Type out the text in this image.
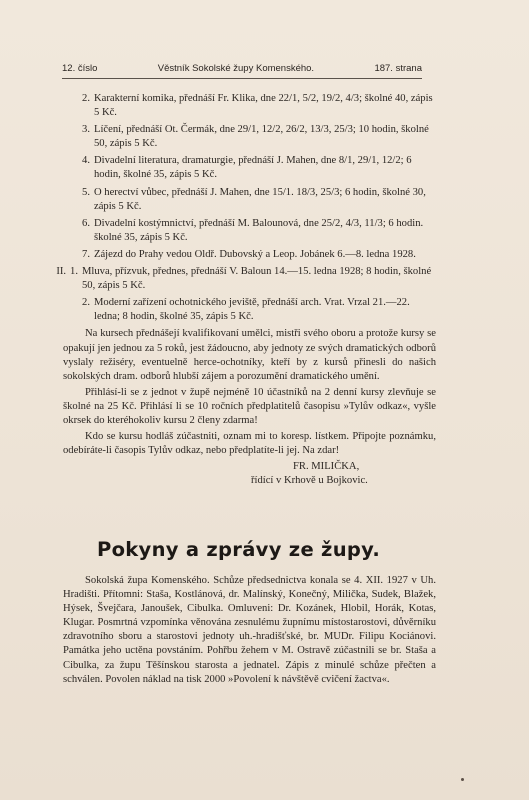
12. číslo	Věstník Sokolské župy Komenského.	187. strana
2. Karakterní komika, přednáší Fr. Klika, dne 22/1, 5/2, 19/2, 4/3; školné 40, zápis 5 Kč.
3. Líčení, přednáší Ot. Čermák, dne 29/1, 12/2, 26/2, 13/3, 25/3; 10 hodin, školné 50, zápis 5 Kč.
4. Divadelní literatura, dramaturgie, přednáší J. Mahen, dne 8/1, 29/1, 12/2; 6 hodin, školné 35, zápis 5 Kč.
5. O herectví vůbec, přednáší J. Mahen, dne 15/1. 18/3, 25/3; 6 hodin, školné 30, zápis 5 Kč.
6. Divadelní kostýmnictví, přednáší M. Balounová, dne 25/2, 4/3, 11/3; 6 hodin. školné 35, zápis 5 Kč.
7. Zájezd do Prahy vedou Oldř. Dubovský a Leop. Jobánek 6.—8. ledna 1928.
II. 1. Mluva, přízvuk, přednes, přednáší V. Baloun 14.—15. ledna 1928; 8 hodin, školné 50, zápis 5 Kč.
2. Moderní zařízení ochotnického jeviště, přednáší arch. Vrat. Vrzal 21.—22. ledna; 8 hodin, školné 35, zápis 5 Kč.

Na kursech přednášejí kvalifikovaní umělci, mistři svého oboru a protože kursy se opakují jen jednou za 5 roků, jest žádoucno, aby jednoty ze svých dramatických odborů vyslaly režiséry, eventuelně herce-ochotníky, kteří by z kursů přinesli do našich sokolských dram. odborů hlubší zájem a porozumění dramatického umění.

Přihlásí-li se z jednot v župě nejméně 10 účastníků na 2 denní kursy zlevňuje se školné na 25 Kč. Přihlásí li se 10 ročních předplatitelů časopisu »Tylův odkaz«, vyšle okrsek do kteréhokoliv kursu 2 členy zdarma!

Kdo se kursu hodláš zúčastniti, oznam mi to koresp. lístkem. Připojte poznámku, odebíráte-li časopis Tylův odkaz, nebo předplatíte-li jej. Na zdar!

FR. MILIČKA,
řídící v Krhově u Bojkovic.
Pokyny a zprávy ze župy.

Sokolská župa Komenského. Schůze předsednictva konala se 4. XII. 1927 v Uh. Hradišti. Přítomni: Staša, Kostlánová, dr. Malínský, Konečný, Milička, Sudek, Blažek, Hýsek, Švejčara, Janoušek, Cibulka. Omluveni: Dr. Kozánek, Hlobil, Horák, Kotas, Klugar. Posmrtná vzpomínka věnována zesnulému župnímu místostarostovi, důvěrníku zdravotního sboru a starostovi jednoty uh.-hradišťské, br. MUDr. Filipu Kociánovi. Památka jeho uctěna povstáním. Pohřbu žehem v M. Ostravě zúčastnili se br. Staša a Cibulka, za župu Těšínskou starosta a jednatel. Zápis z minulé schůze přečten a schválen. Povolen náklad na tisk 2000 »Povolení k návštěvě cvičení žactva«.
